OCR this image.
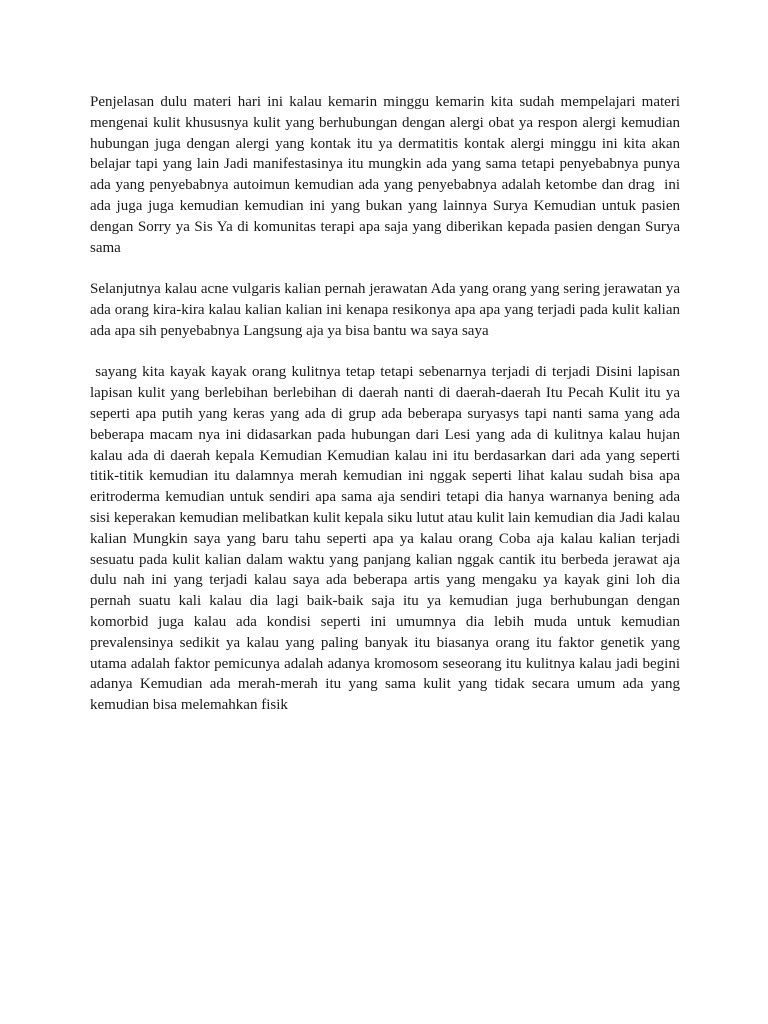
Penjelasan dulu materi hari ini kalau kemarin minggu kemarin kita sudah mempelajari materi mengenai kulit khususnya kulit yang berhubungan dengan alergi obat ya respon alergi kemudian hubungan juga dengan alergi yang kontak itu ya dermatitis kontak alergi minggu ini kita akan belajar tapi yang lain Jadi manifestasinya itu mungkin ada yang sama tetapi penyebabnya punya ada yang penyebabnya autoimun kemudian ada yang penyebabnya adalah ketombe dan drag  ini ada juga juga kemudian kemudian ini yang bukan yang lainnya Surya Kemudian untuk pasien dengan Sorry ya Sis Ya di komunitas terapi apa saja yang diberikan kepada pasien dengan Surya sama

Selanjutnya kalau acne vulgaris kalian pernah jerawatan Ada yang orang yang sering jerawatan ya ada orang kira-kira kalau kalian kalian ini kenapa resikonya apa apa yang terjadi pada kulit kalian ada apa sih penyebabnya Langsung aja ya bisa bantu wa saya saya

sayang kita kayak kayak orang kulitnya tetap tetapi sebenarnya terjadi di terjadi Disini lapisan lapisan kulit yang berlebihan berlebihan di daerah nanti di daerah-daerah Itu Pecah Kulit itu ya seperti apa putih yang keras yang ada di grup ada beberapa suryasys tapi nanti sama yang ada beberapa macam nya ini didasarkan pada hubungan dari Lesi yang ada di kulitnya kalau hujan kalau ada di daerah kepala Kemudian Kemudian kalau ini itu berdasarkan dari ada yang seperti titik-titik kemudian itu dalamnya merah kemudian ini nggak seperti lihat kalau sudah bisa apa eritroderma kemudian untuk sendiri apa sama aja sendiri tetapi dia hanya warnanya bening ada sisi keperakan kemudian melibatkan kulit kepala siku lutut atau kulit lain kemudian dia Jadi kalau kalian Mungkin saya yang baru tahu seperti apa ya kalau orang Coba aja kalau kalian terjadi sesuatu pada kulit kalian dalam waktu yang panjang kalian nggak cantik itu berbeda jerawat aja dulu nah ini yang terjadi kalau saya ada beberapa artis yang mengaku ya kayak gini loh dia pernah suatu kali kalau dia lagi baik-baik saja itu ya kemudian juga berhubungan dengan komorbid juga kalau ada kondisi seperti ini umumnya dia lebih muda untuk kemudian prevalensinya sedikit ya kalau yang paling banyak itu biasanya orang itu faktor genetik yang utama adalah faktor pemicunya adalah adanya kromosom seseorang itu kulitnya kalau jadi begini adanya Kemudian ada merah-merah itu yang sama kulit yang tidak secara umum ada yang kemudian bisa melemahkan fisik
